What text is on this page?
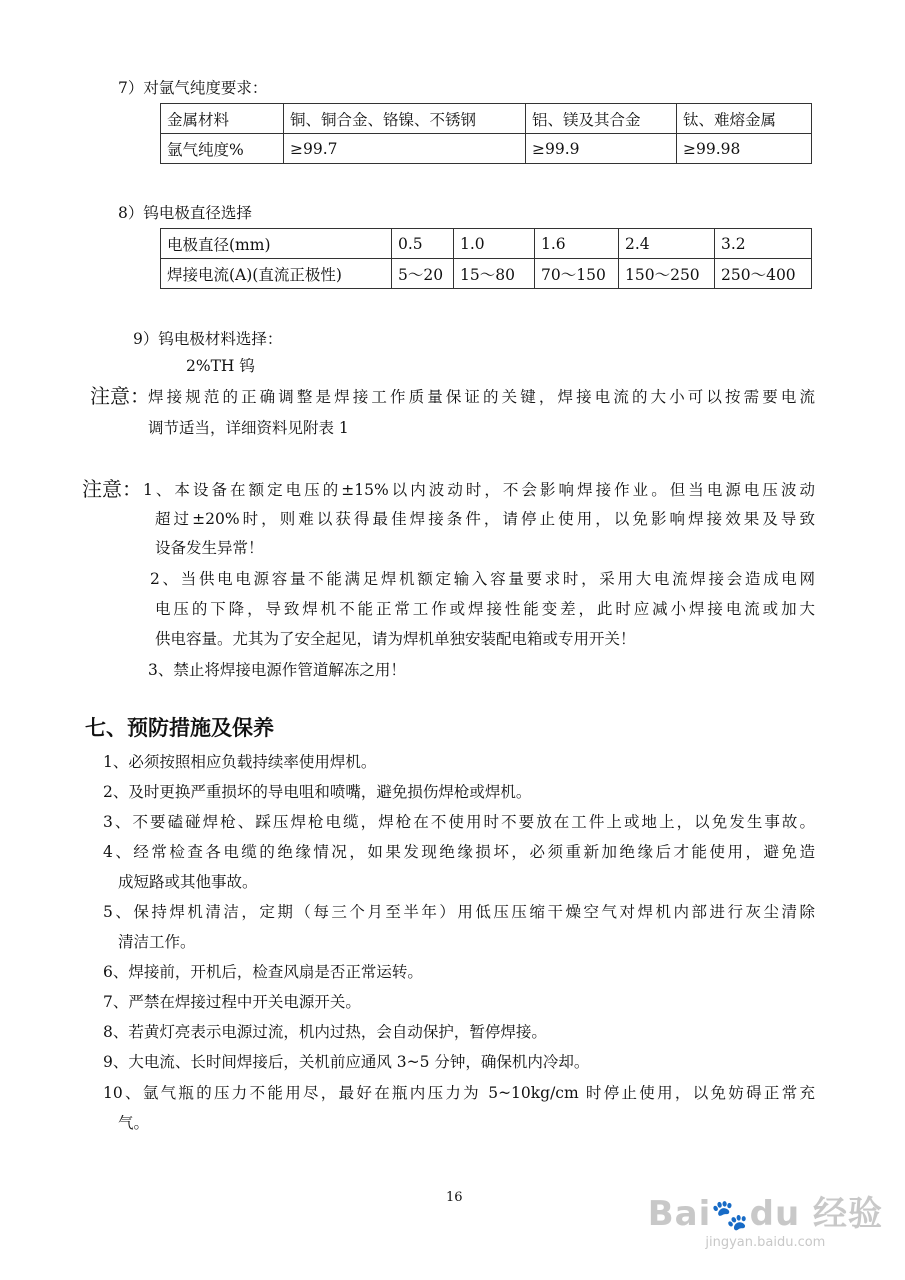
7）对氩气纯度要求：
金属材料	铜、铜合金、铬镍、不锈钢	铝、镁及其合金	钛、难熔金属
氩气纯度%	≥99.7	≥99.9	≥99.98
8）钨电极直径选择
电极直径(mm)	0.5	1.0	1.6	2.4	3.2
焊接电流(A)(直流正极性)	5～20	15～80	70～150	150～250	250～400
9）钨电极材料选择：
2%TH 钨
注意：
焊接规范的正确调整是焊接工作质量保证的关键，焊接电流的大小可以按需要电流
调节适当，详细资料见附表 1
注意： 1、本设备在额定电压的±15%以内波动时，不会影响焊接作业。但当电源电压波动
超过±20%时，则难以获得最佳焊接条件，请停止使用，以免影响焊接效果及导致
设备发生异常！
2、当供电电源容量不能满足焊机额定输入容量要求时，采用大电流焊接会造成电网
电压的下降，导致焊机不能正常工作或焊接性能变差，此时应减小焊接电流或加大
供电容量。尤其为了安全起见，请为焊机单独安装配电箱或专用开关！
3、禁止将焊接电源作管道解冻之用！
七、预防措施及保养
1、必须按照相应负载持续率使用焊机。
2、及时更换严重损坏的导电咀和喷嘴，避免损伤焊枪或焊机。
3、不要磕碰焊枪、踩压焊枪电缆，焊枪在不使用时不要放在工件上或地上，以免发生事故。
4、经常检查各电缆的绝缘情况，如果发现绝缘损坏，必须重新加绝缘后才能使用，避免造
成短路或其他事故。
5、保持焊机清洁，定期（每三个月至半年）用低压压缩干燥空气对焊机内部进行灰尘清除
清洁工作。
6、焊接前，开机后，检查风扇是否正常运转。
7、严禁在焊接过程中开关电源开关。
8、若黄灯亮表示电源过流，机内过热，会自动保护，暂停焊接。
9、大电流、长时间焊接后，关机前应通风 3~5 分钟，确保机内冷却。
10、氩气瓶的压力不能用尽，最好在瓶内压力为 5~10kg/cm 时停止使用，以免妨碍正常充
气。
16	Bai🐾du 经验
jingyan.baidu.com
